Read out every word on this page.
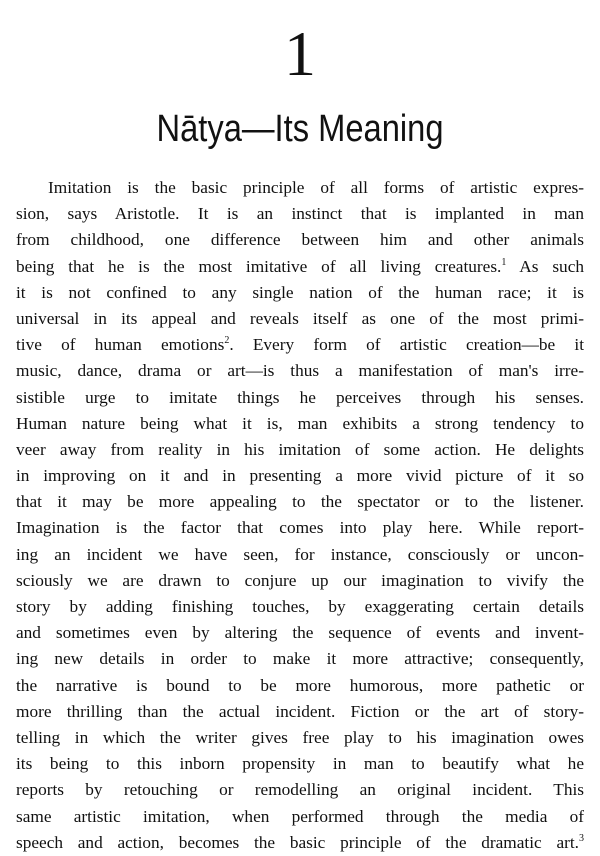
1
Nātya—Its Meaning
Imitation is the basic principle of all forms of artistic expres-
sion, says Aristotle. It is an instinct that is implanted in man
from childhood, one difference between him and other animals
being that he is the most imitative of all living creatures.$^1$ As such
it is not confined to any single nation of the human race; it is
universal in its appeal and reveals itself as one of the most primi-
tive of human emotions$^2$. Every form of artistic creation—be it
music, dance, drama or art—is thus a manifestation of man's irre-
sistible urge to imitate things he perceives through his senses.
Human nature being what it is, man exhibits a strong tendency to
veer away from reality in his imitation of some action. He delights
in improving on it and in presenting a more vivid picture of it so
that it may be more appealing to the spectator or to the listener.
Imagination is the factor that comes into play here. While report-
ing an incident we have seen, for instance, consciously or uncon-
sciously we are drawn to conjure up our imagination to vivify the
story by adding finishing touches, by exaggerating certain details
and sometimes even by altering the sequence of events and invent-
ing new details in order to make it more attractive; consequently,
the narrative is bound to be more humorous, more pathetic or
more thrilling than the actual incident. Fiction or the art of story-
telling in which the writer gives free play to his imagination owes
its being to this inborn propensity in man to beautify what he
reports by retouching or remodelling an original incident. This
same artistic imitation, when performed through the media of
speech and action, becomes the basic principle of the dramatic art.$^3$
